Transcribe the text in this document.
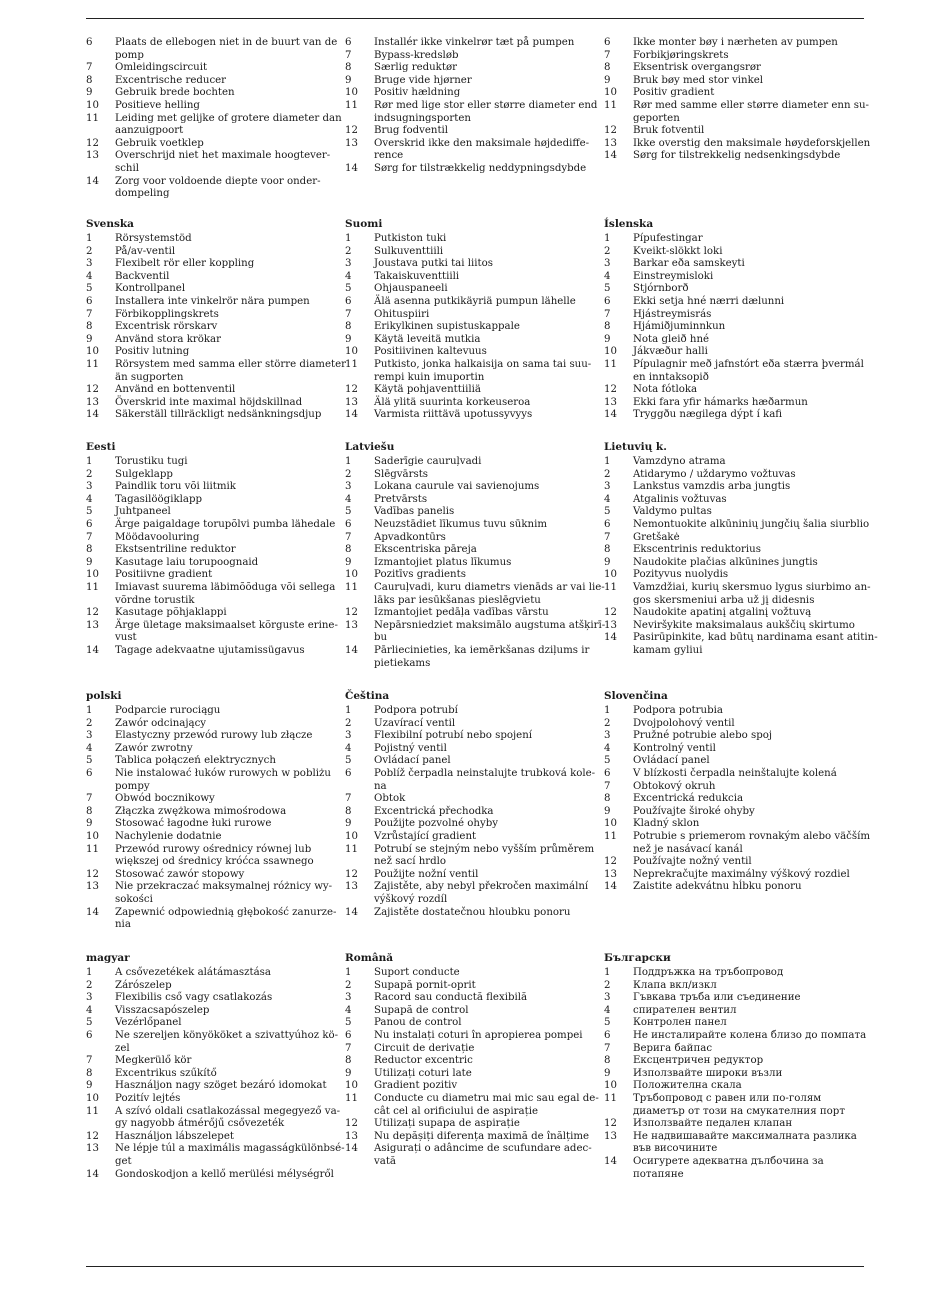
6	Plaats de ellebogen niet in de buurt van de
pomp
7	Omleidingscircuit
8	Excentrische reducer
9	Gebruik brede bochten
10	Positieve helling
11	Leiding met gelijke of grotere diameter dan
aanzuigpoort
12	Gebruik voetklep
13	Overschrijd niet het maximale hoogtever-
schil
14	Zorg voor voldoende diepte voor onder-
dompeling
6	Installér ikke vinkelrør tæt på pumpen
7	Bypass-kredsløb
8	Særlig reduktør
9	Bruge vide hjørner
10	Positiv hældning
11	Rør med lige stor eller større diameter end
indsugningsporten
12	Brug fodventil
13	Overskrid ikke den maksimale højdediffe-
rence
14	Sørg for tilstrækkelig neddypningsdybde
6	Ikke monter bøy i nærheten av pumpen
7	Forbikjøringskrets
8	Eksentrisk overgangsrør
9	Bruk bøy med stor vinkel
10	Positiv gradient
11	Rør med samme eller større diameter enn su-
geporten
12	Bruk fotventil
13	Ikke overstig den maksimale høydeforskjellen
14	Sørg for tilstrekkelig nedsenkingsdybde
Svenska
1	Rörsystemstöd
2	På/av-ventil
3	Flexibelt rör eller koppling
4	Backventil
5	Kontrollpanel
6	Installera inte vinkelrör nära pumpen
7	Förbikopplingskrets
8	Excentrisk rörskarv
9	Använd stora krökar
10	Positiv lutning
11	Rörsystem med samma eller större diameter
än sugporten
12	Använd en bottenventil
13	Överskrid inte maximal höjdskillnad
14	Säkerställ tillräckligt nedsänkningsdjup
Suomi
1	Putkiston tuki
2	Sulkuventtiili
3	Joustava putki tai liitos
4	Takaiskuventtiili
5	Ohjauspaneeli
6	Älä asenna putkikäyriä pumpun lähelle
7	Ohituspiiri
8	Erikylkinen supistuskappale
9	Käytä leveitä mutkia
10	Positiivinen kaltevuus
11	Putkisto, jonka halkaisija on sama tai suu-
rempi kuin imuportin
12	Käytä pohjaventtiiliä
13	Älä ylitä suurinta korkeuseroa
14	Varmista riittävä upotussyvyys
Íslenska
1	Pípufestingar
2	Kveikt-slökkt loki
3	Barkar eða samskeyti
4	Einstreymisloki
5	Stjórnborð
6	Ekki setja hné nærri dælunni
7	Hjástreymisrás
8	Hjámiðjuminnkun
9	Nota gleið hné
10	Jákvæður halli
11	Pípulagnir með jafnstórt eða stærra þvermál
en inntaksopið
12	Nota fótloka
13	Ekki fara yfir hámarks hæðarmun
14	Tryggðu nægilega dýpt í kafi
Eesti
1	Torustiku tugi
2	Sulgeklapp
3	Paindlik toru või liitmik
4	Tagasilöögiklapp
5	Juhtpaneel
6	Ärge paigaldage torupõlvi pumba lähedale
7	Möödavooluring
8	Ekstsentriline reduktor
9	Kasutage laiu torupoognaid
10	Positiivne gradient
11	Imiavast suurema läbimõõduga või sellega
võrdne torustik
12	Kasutage põhjaklappi
13	Ärge ületage maksimaalset kõrguste erine-
vust
14	Tagage adekvaatne ujutamissügavus
Latviešu
1	Saderīgie cauruļvadi
2	Slēgvārsts
3	Lokana caurule vai savienojums
4	Pretvārsts
5	Vadības panelis
6	Neuzstādiet līkumus tuvu sūknim
7	Apvadkontūrs
8	Ekscentriska pāreja
9	Izmantojiet platus līkumus
10	Pozitīvs gradients
11	Cauruļvadi, kuru diametrs vienāds ar vai lie-
lāks par iesūkšanas pieslēgvietu
12	Izmantojiet pedāļa vadības vārstu
13	Nepārsniedziet maksimālo augstuma atšķirī-
bu
14	Pārliecinieties, ka iemērkšanas dziļums ir
pietiekams
Lietuvių k.
1	Vamzdyno atrama
2	Atidarymo / uždarymo vožtuvas
3	Lankstus vamzdis arba jungtis
4	Atgalinis vožtuvas
5	Valdymo pultas
6	Nemontuokite alkūninių jungčių šalia siurblio
7	Gretšakė
8	Ekscentrinis reduktorius
9	Naudokite plačias alkūnines jungtis
10	Pozityvus nuolydis
11	Vamzdžiai, kurių skersmuo lygus siurbimo an-
gos skersmeniui arba už jį didesnis
12	Naudokite apatinį atgalinį vožtuvą
13	Neviršykite maksimalaus aukščių skirtumo
14	Pasirūpinkite, kad būtų nardinama esant atitin-
kamam gyliui
polski
1	Podparcie rurociągu
2	Zawór odcinający
3	Elastyczny przewód rurowy lub złącze
4	Zawór zwrotny
5	Tablica połączeń elektrycznych
6	Nie instalować łuków rurowych w pobliżu
pompy
7	Obwód bocznikowy
8	Złączka zwężkowa mimośrodowa
9	Stosować łagodne łuki rurowe
10	Nachylenie dodatnie
11	Przewód rurowy ośrednicy równej lub
większej od średnicy króćca ssawnego
12	Stosować zawór stopowy
13	Nie przekraczać maksymalnej różnicy wy-
sokości
14	Zapewnić odpowiednią głębokość zanurze-
nia
Čeština
1	Podpora potrubí
2	Uzavírací ventil
3	Flexibilní potrubí nebo spojení
4	Pojistný ventil
5	Ovládací panel
6	Poblíž čerpadla neinstalujte trubková kole-
na
7	Obtok
8	Excentrická přechodka
9	Použijte pozvolné ohyby
10	Vzrůstající gradient
11	Potrubí se stejným nebo vyšším průměrem
než sací hrdlo
12	Použijte nožní ventil
13	Zajistěte, aby nebyl překročen maximální
výškový rozdíl
14	Zajistěte dostatečnou hloubku ponoru
Slovenčina
1	Podpora potrubia
2	Dvojpolohový ventil
3	Pružné potrubie alebo spoj
4	Kontrolný ventil
5	Ovládací panel
6	V blízkosti čerpadla neinštalujte kolená
7	Obtokový okruh
8	Excentrická redukcia
9	Používajte široké ohyby
10	Kladný sklon
11	Potrubie s priemerom rovnakým alebo väčším
než je nasávací kanál
12	Používajte nožný ventil
13	Neprekračujte maximálny výškový rozdiel
14	Zaistite adekvátnu hĺbku ponoru
magyar
1	A csővezetékek alátámasztása
2	Zárószelep
3	Flexibilis cső vagy csatlakozás
4	Visszacsapószelep
5	Vezérlőpanel
6	Ne szereljen könyököket a szivattyúhoz kö-
zel
7	Megkerülő kör
8	Excentrikus szűkítő
9	Használjon nagy szöget bezáró idomokat
10	Pozitív lejtés
11	A szívó oldali csatlakozással megegyező va-
gy nagyobb átmérőjű csővezeték
12	Használjon lábszelepet
13	Ne lépje túl a maximális magasságkülönbsé-
get
14	Gondoskodjon a kellő merülési mélységről
Română
1	Suport conducte
2	Supapă pornit-oprit
3	Racord sau conductă flexibilă
4	Supapă de control
5	Panou de control
6	Nu instalați coturi în apropierea pompei
7	Circuit de derivație
8	Reductor excentric
9	Utilizați coturi late
10	Gradient pozitiv
11	Conducte cu diametru mai mic sau egal de-
cât cel al orificiului de aspirație
12	Utilizați supapa de aspirație
13	Nu depășiți diferența maximă de înălțime
14	Asigurați o adâncime de scufundare adec-
vată
Български
1	Поддръжка на тръбопровод
2	Клапа вкл/изкл
3	Гъвкава тръба или съединение
4	спирателен вентил
5	Контролен панел
6	Не инсталирайте колена близо до помпата
7	Верига байпас
8	Ексцентричен редуктор
9	Използвайте широки възли
10	Положителна скала
11	Тръбопровод с равен или по-голям
диаметър от този на смукателния порт
12	Използвайте педален клапан
13	Не надвишавайте максималната разлика
във височините
14	Осигурете адекватна дълбочина за
потапяне
